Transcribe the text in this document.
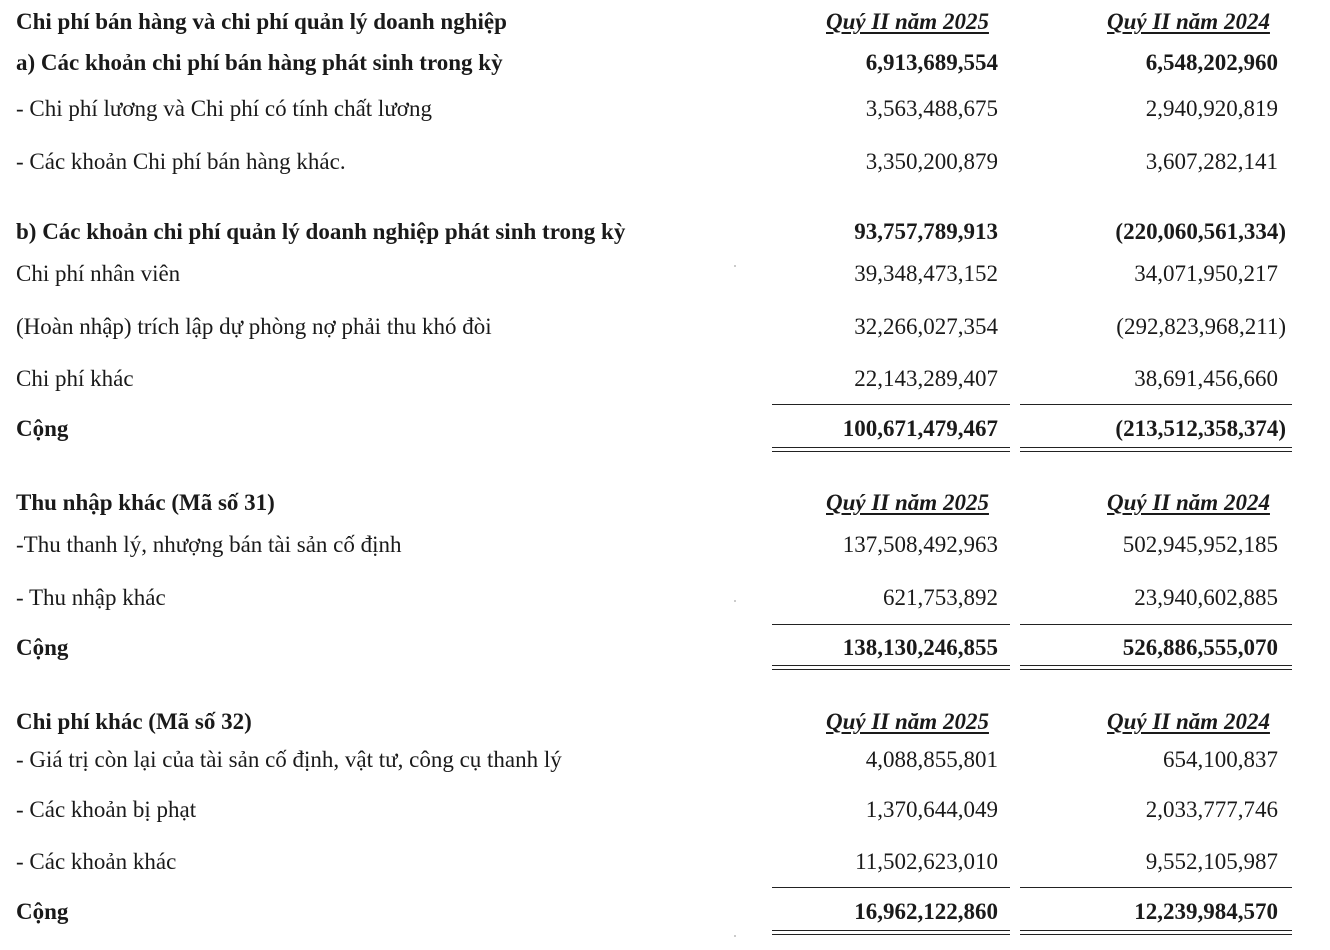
Chi phí bán hàng và chi phí quản lý doanh nghiệp	Quý II năm 2025	Quý II năm 2024
a) Các khoản chi phí bán hàng phát sinh trong kỳ	6,913,689,554	6,548,202,960
- Chi phí lương và Chi phí có tính chất lương	3,563,488,675	2,940,920,819
- Các khoản Chi phí bán hàng khác.	3,350,200,879	3,607,282,141
b) Các khoản chi phí quản lý doanh nghiệp phát sinh trong kỳ	93,757,789,913	(220,060,561,334)
Chi phí nhân viên	39,348,473,152	34,071,950,217
(Hoàn nhập) trích lập dự phòng nợ phải thu khó đòi	32,266,027,354	(292,823,968,211)
Chi phí khác	22,143,289,407	38,691,456,660
Cộng	100,671,479,467	(213,512,358,374)
Thu nhập khác (Mã số 31)	Quý II năm 2025	Quý II năm 2024
-Thu thanh lý, nhượng bán tài sản cố định	137,508,492,963	502,945,952,185
- Thu nhập khác	621,753,892	23,940,602,885
Cộng	138,130,246,855	526,886,555,070
Chi phí khác (Mã số 32)	Quý II năm 2025	Quý II năm 2024
- Giá trị còn lại của tài sản cố định, vật tư, công cụ thanh lý	4,088,855,801	654,100,837
- Các khoản bị phạt	1,370,644,049	2,033,777,746
- Các khoản khác	11,502,623,010	9,552,105,987
Cộng	16,962,122,860	12,239,984,570
